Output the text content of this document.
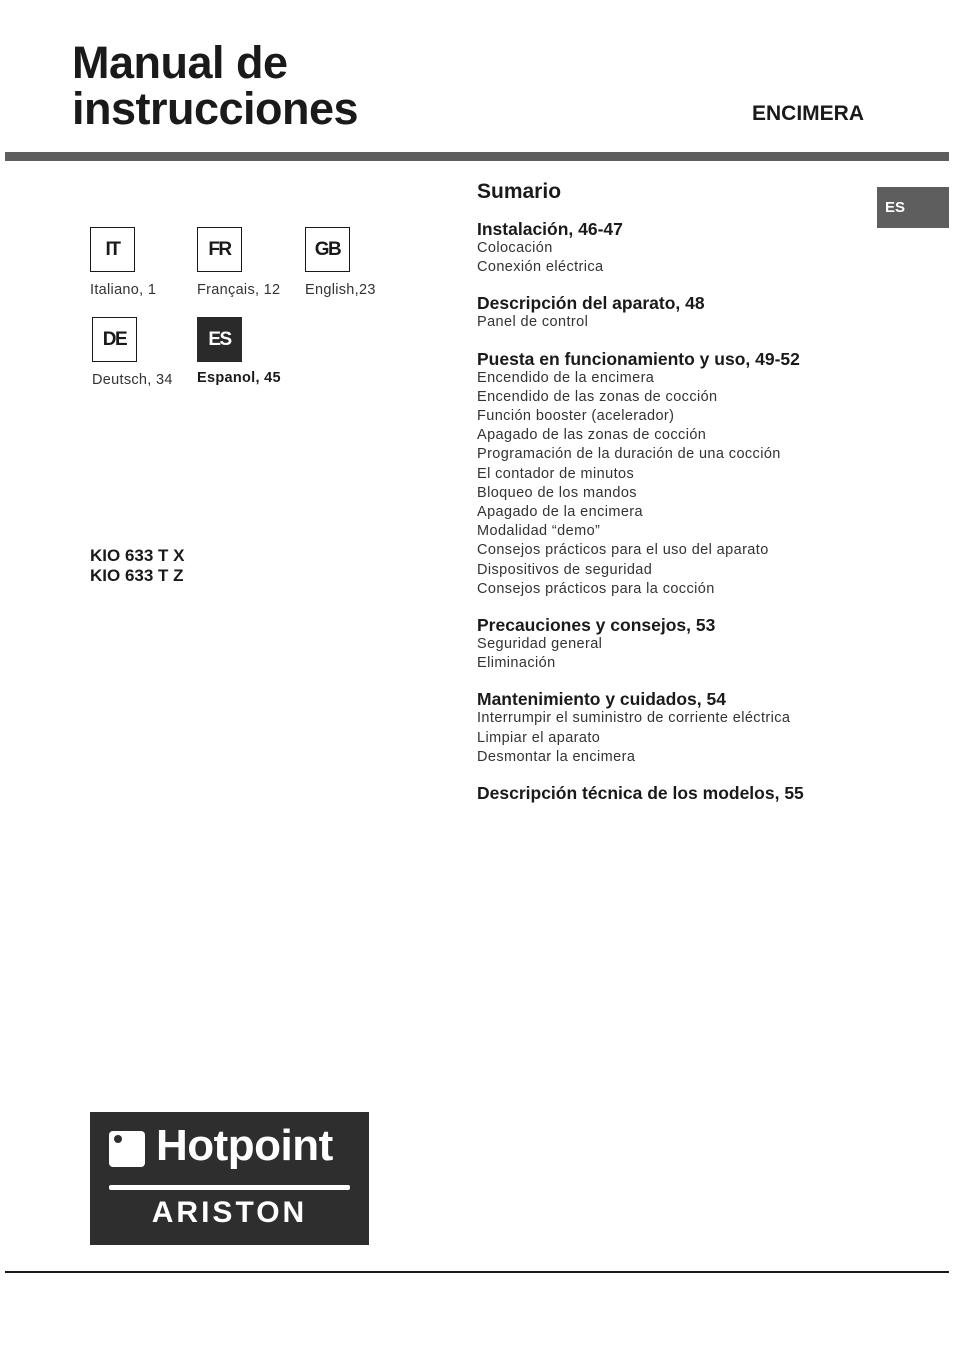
Manual de
instrucciones	ENCIMERA
ES
IT
Italiano, 1
FR
Français, 12
GB
English,23
DE
Deutsch, 34
ES
Espanol, 45
KIO 633 T X
KIO 633 T Z
Sumario
Instalación, 46-47
Colocación
Conexión eléctrica
Descripción del aparato, 48
Panel de control
Puesta en funcionamiento y uso, 49-52
Encendido de la encimera
Encendido de las zonas de cocción
Función booster (acelerador)
Apagado de las zonas de cocción
Programación de la duración de una cocción
El contador de minutos
Bloqueo de los mandos
Apagado de la encimera
Modalidad “demo”
Consejos prácticos para el uso del aparato
Dispositivos de seguridad
Consejos prácticos para la cocción
Precauciones y consejos, 53
Seguridad general
Eliminación
Mantenimiento y cuidados, 54
Interrumpir el suministro de corriente eléctrica
Limpiar el aparato
Desmontar la encimera
Descripción técnica de los modelos, 55
Hotpoint
ARISTON
